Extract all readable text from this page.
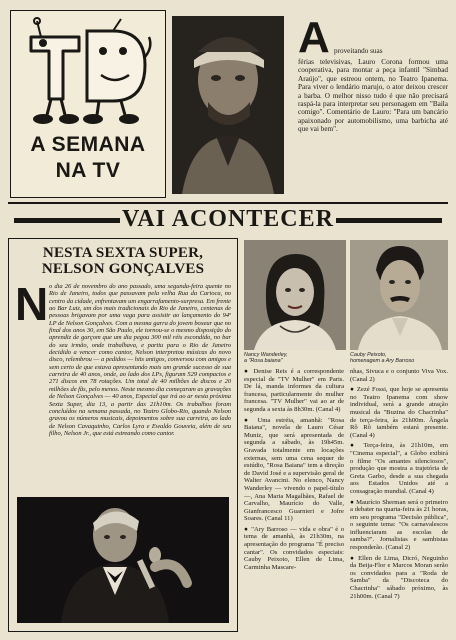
A SEMANA
NA TV
A proveitando suas
férias televisivas, Lauro Corona formou uma cooperativa, para montar a peça infantil "Simbad Araújo", que estreou ontem, no Teatro Ipanema. Para viver o lendário marujo, o ator deixou crescer a barba. O melhor nisso tudo é que não precisará raspá-la para interpretar seu personagem em "Baila comigo". Comentário de Lauro: "Para um bancário apaixonado por automobilismo, uma barbicha até que vai bem".
VAI ACONTECER
NESTA SEXTA SUPER,
NELSON GONÇALVES
N o dia 26 de novembro do ano passado, uma segunda-feira quente no Rio de Janeiro, todos que passavam pela velha Rua da Carioca, no centro da cidade, enfrentavam um engarrafamento-surpresa. Em frente ao Bar Luiz, um dos mais tradicionais do Rio de Janeiro, centenas de pessoas brigavam por uma vaga para assistir ao lançamento do 94º LP de Nelson Gonçalves. Com a mesma garra do jovem boxeur que no final dos anos 30, em São Paulo, ele tornou-se o mesmo disposição do aprendiz de garçom que um dia pegou 300 mil réis escondido, no bar do seu irmão, onde trabalhava, e partiu para o Rio de Janeiro decidido a vencer como cantor, Nelson interpretou músicas do novo disco, relembrou — a pedidos — hits antigos, conversou com amigos e sem certo de que estava apresentando mais um grande sucesso de sua carreira de 40 anos, onde, ao lado dos LPs, figuram 529 compactos e 271 discos em 78 rotações. Um total de 40 milhões de discos e 20 milhões de fãs, pelo menos. Neste mesmo dia começaram as gravações de Nelson Gonçalves — 40 anos, Especial que irá ao ar nesta próxima Sexta Super, dia 13, a partir das 21h10m. Os trabalhos foram concluídos na semana passada, no Teatro Globo-Rio, quando Nelson gravou os números musicais, depoimentos sobre sua carreira, ao lado de Nelson Cavaquinho, Carlos Lyra e Ewaldo Gouveia, além de seu filho, Nelson Jr., que está estreando como cantor.
Nancy Wanderley,
a "Rosa baiana"
Cauby Peixoto,
homenagem a Ary Barroso

● Denise Reis é a correspondente especial de "TV Mulher" em Paris. De lá, manda informes da cultura francesa, particularmente do mulher francesa. "TV Mulher" vai ao ar de segunda a sexta às 8h30m. (Canal 4)

● Uma estréia, amanhã: "Rosa Baiana", novela de Lauro César Muniz, que será apresentada de segunda a sábado, às 19h45m. Gravada totalmente em locações externas, sem uma cena sequer de estúdio, "Rosa Baiana" tem a direção de David José e a supervisão geral de Walter Avancini. No elenco, Nancy Wanderley — vivendo o papel-título —, Ana Maria Magalhães, Rafael de Carvalho, Maurício do Valle, Gianfrancesco Guarnieri e Jofre Soares. (Canal 11)

● "Ary Barroso — vida e obra" é o tema de amanhã, às 21h30m, na apresentação do programa "É preciso cantar". Os convidados especiais: Cauby Peixoto, Ellen de Lima, Carminha Mascare-

nhas, Sivuca e o conjunto Viva Vox. (Canal 2)

● Zezé Fossi, que hoje se apresenta no Teatro Ipanema com show individual, será a grande atração musical da "Buzina do Chacrinha" de terça-feira, às 21h00m. Ângela Rô Rô também estará presente. (Canal 4)

● Terça-feira, às 21h10m, em "Cinema especial", a Globo exibirá o filme "Os amantes silenciosos", produção que mostra a trajetória de Greta Garbo, desde a sua chegada aos Estados Unidos até a consagração mundial. (Canal 4)

● Maurício Sherman será o primeiro a debater na quarta-feira às 21 horas, em seu programa "Decisão pública", o seguinte tema: "Os carnavalescos influenciaram as escolas de samba?". Jornalistas e sambistas responderão. (Canal 2)

● Ellen de Lima, Dicró, Neguinho da Beija-Flor e Marcos Moran serão os convidados para a "Roda de Samba" da "Discoteca do Chacrinha" sábado próximo, às 21h00m. (Canal 7)
